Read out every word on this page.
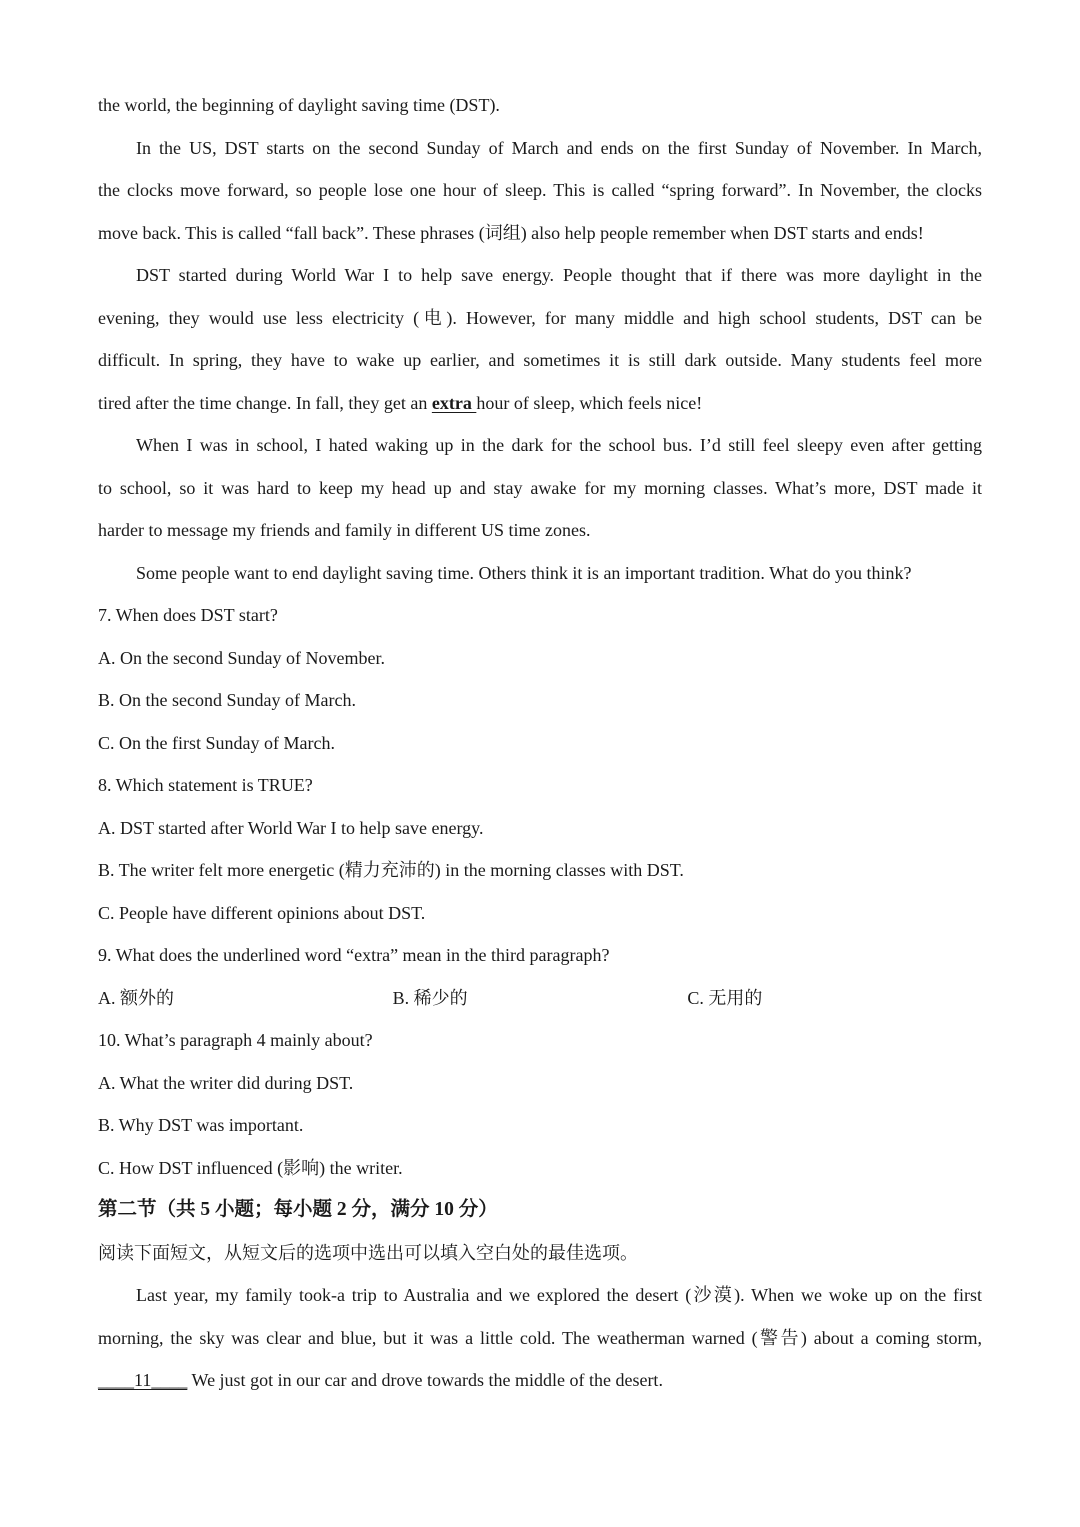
the world, the beginning of daylight saving time (DST).

In the US, DST starts on the second Sunday of March and ends on the first Sunday of November. In March,

the clocks move forward, so people lose one hour of sleep. This is called “spring forward”. In November, the clocks

move back. This is called “fall back”. These phrases (词组) also help people remember when DST starts and ends!

DST started during World War I to help save energy. People thought that if there was more daylight in the

evening, they would use less electricity (电). However, for many middle and high school students, DST can be

difficult. In spring, they have to wake up earlier, and sometimes it is still dark outside. Many students feel more

tired after the time change. In fall, they get an extra hour of sleep, which feels nice!

When I was in school, I hated waking up in the dark for the school bus. I’d still feel sleepy even after getting

to school, so it was hard to keep my head up and stay awake for my morning classes. What’s more, DST made it

harder to message my friends and family in different US time zones.

Some people want to end daylight saving time. Others think it is an important tradition. What do you think?

7. When does DST start?

A. On the second Sunday of November.

B. On the second Sunday of March.

C. On the first Sunday of March.

8. Which statement is TRUE?

A. DST started after World War I to help save energy.

B. The writer felt more energetic (精力充沛的) in the morning classes with DST.

C. People have different opinions about DST.

9. What does the underlined word “extra” mean in the third paragraph?

A. 额外的	B. 稀少的	C. 无用的

10. What’s paragraph 4 mainly about?

A. What the writer did during DST.

B. Why DST was important.

C. How DST influenced (影响) the writer.

第二节（共 5 小题；每小题 2 分，满分 10 分）

阅读下面短文，从短文后的选项中选出可以填入空白处的最佳选项。

Last year, my family took-a trip to Australia and we explored the desert (沙漠). When we woke up on the first

morning, the sky was clear and blue, but it was a little cold. The weatherman warned (警告) about a coming storm,

____11____ We just got in our car and drove towards the middle of the desert.
